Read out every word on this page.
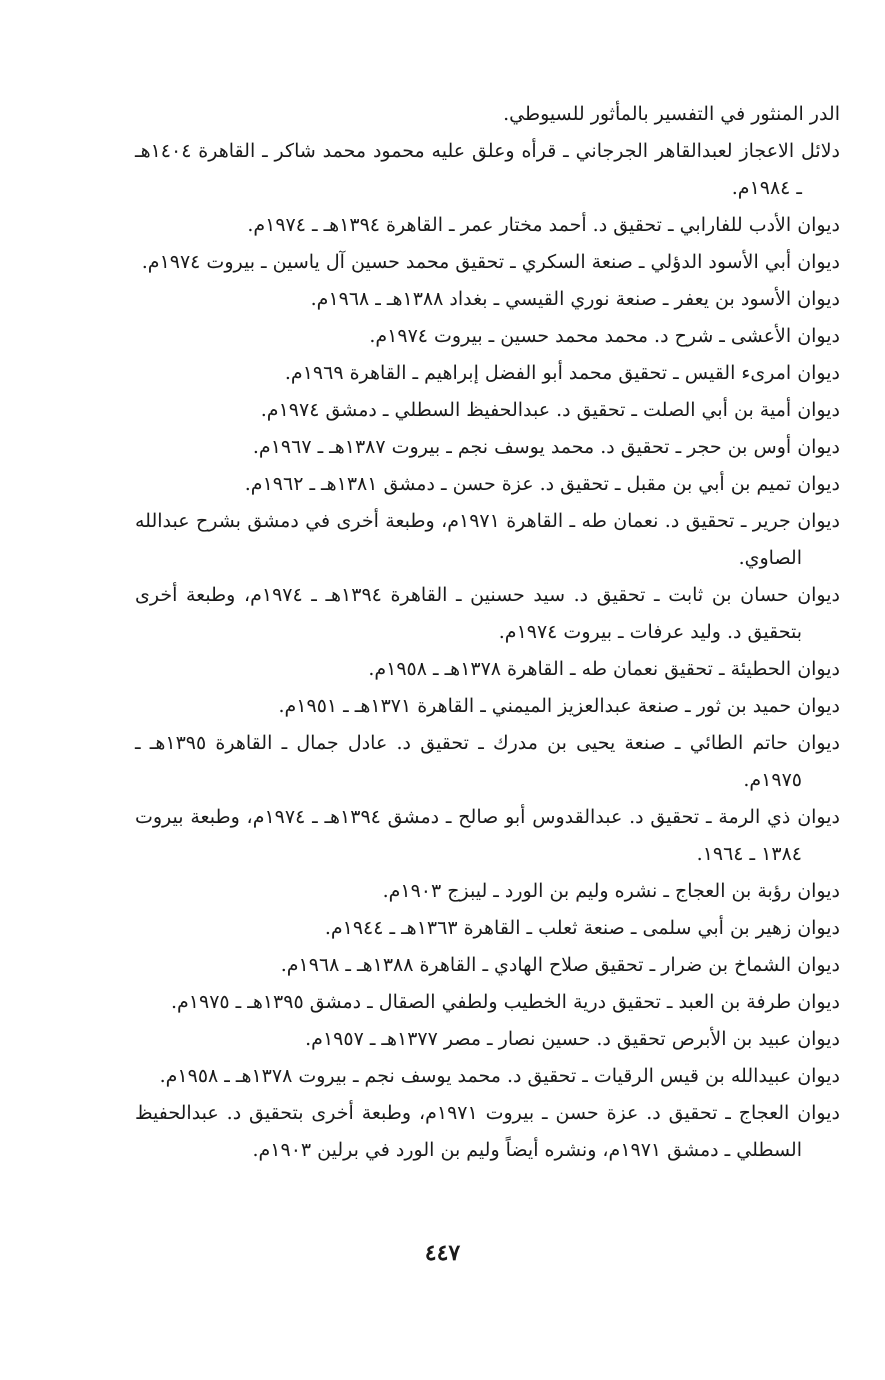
الدر المنثور في التفسير بالمأثور للسيوطي.

دلائل الاعجاز لعبدالقاهر الجرجاني ـ قرأه وعلق عليه محمود محمد شاكر ـ القاهرة ١٤٠٤هـ ـ ١٩٨٤م.

ديوان الأدب للفارابي ـ تحقيق د. أحمد مختار عمر ـ القاهرة ١٣٩٤هـ ـ ١٩٧٤م.

ديوان أبي الأسود الدؤلي ـ صنعة السكري ـ تحقيق محمد حسين آل ياسين ـ بيروت ١٩٧٤م.

ديوان الأسود بن يعفر ـ صنعة نوري القيسي ـ بغداد ١٣٨٨هـ ـ ١٩٦٨م.

ديوان الأعشى ـ شرح د. محمد محمد حسين ـ بيروت ١٩٧٤م.

ديوان امرىء القيس ـ تحقيق محمد أبو الفضل إبراهيم ـ القاهرة ١٩٦٩م.

ديوان أمية بن أبي الصلت ـ تحقيق د. عبدالحفيظ السطلي ـ دمشق ١٩٧٤م.

ديوان أوس بن حجر ـ تحقيق د. محمد يوسف نجم ـ بيروت ١٣٨٧هـ ـ ١٩٦٧م.

ديوان تميم بن أبي بن مقبل ـ تحقيق د. عزة حسن ـ دمشق ١٣٨١هـ ـ ١٩٦٢م.

ديوان جرير ـ تحقيق د. نعمان طه ـ القاهرة ١٩٧١م، وطبعة أخرى في دمشق بشرح عبدالله الصاوي.

ديوان حسان بن ثابت ـ تحقيق د. سيد حسنين ـ القاهرة ١٣٩٤هـ ـ ١٩٧٤م، وطبعة أخرى بتحقيق د. وليد عرفات ـ بيروت ١٩٧٤م.

ديوان الحطيئة ـ تحقيق نعمان طه ـ القاهرة ١٣٧٨هـ ـ ١٩٥٨م.

ديوان حميد بن ثور ـ صنعة عبدالعزيز الميمني ـ القاهرة ١٣٧١هـ ـ ١٩٥١م.

ديوان حاتم الطائي ـ صنعة يحيى بن مدرك ـ تحقيق د. عادل جمال ـ القاهرة ١٣٩٥هـ ـ ١٩٧٥م.

ديوان ذي الرمة ـ تحقيق د. عبدالقدوس أبو صالح ـ دمشق ١٣٩٤هـ ـ ١٩٧٤م، وطبعة بيروت ١٣٨٤ ـ ١٩٦٤.

ديوان رؤبة بن العجاج ـ نشره وليم بن الورد ـ ليبزج ١٩٠٣م.

ديوان زهير بن أبي سلمى ـ صنعة ثعلب ـ القاهرة ١٣٦٣هـ ـ ١٩٤٤م.

ديوان الشماخ بن ضرار ـ تحقيق صلاح الهادي ـ القاهرة ١٣٨٨هـ ـ ١٩٦٨م.

ديوان طرفة بن العبد ـ تحقيق درية الخطيب ولطفي الصقال ـ دمشق ١٣٩٥هـ ـ ١٩٧٥م.

ديوان عبيد بن الأبرص تحقيق د. حسين نصار ـ مصر ١٣٧٧هـ ـ ١٩٥٧م.

ديوان عبيدالله بن قيس الرقيات ـ تحقيق د. محمد يوسف نجم ـ بيروت ١٣٧٨هـ ـ ١٩٥٨م.

ديوان العجاج ـ تحقيق د. عزة حسن ـ بيروت ١٩٧١م، وطبعة أخرى بتحقيق د. عبدالحفيظ السطلي ـ دمشق ١٩٧١م، ونشره أيضاً وليم بن الورد في برلين ١٩٠٣م.

٤٤٧
